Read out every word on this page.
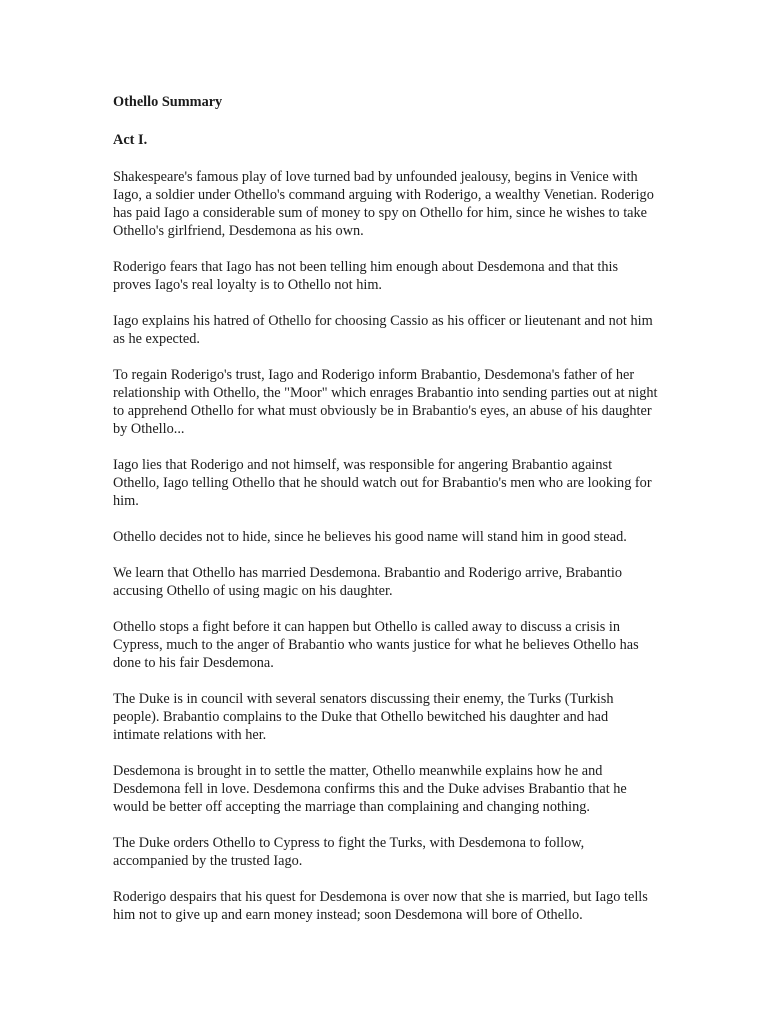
Othello Summary
Act I.

Shakespeare's famous play of love turned bad by unfounded jealousy, begins in Venice with Iago, a soldier under Othello's command arguing with Roderigo, a wealthy Venetian. Roderigo has paid Iago a considerable sum of money to spy on Othello for him, since he wishes to take Othello's girlfriend, Desdemona as his own.

Roderigo fears that Iago has not been telling him enough about Desdemona and that this proves Iago's real loyalty is to Othello not him.

Iago explains his hatred of Othello for choosing Cassio as his officer or lieutenant and not him as he expected.

To regain Roderigo's trust, Iago and Roderigo inform Brabantio, Desdemona's father of her relationship with Othello, the "Moor" which enrages Brabantio into sending parties out at night to apprehend Othello for what must obviously be in Brabantio's eyes, an abuse of his daughter by Othello...

Iago lies that Roderigo and not himself, was responsible for angering Brabantio against Othello, Iago telling Othello that he should watch out for Brabantio's men who are looking for him.

Othello decides not to hide, since he believes his good name will stand him in good stead.

We learn that Othello has married Desdemona. Brabantio and Roderigo arrive, Brabantio accusing Othello of using magic on his daughter.

Othello stops a fight before it can happen but Othello is called away to discuss a crisis in Cypress, much to the anger of Brabantio who wants justice for what he believes Othello has done to his fair Desdemona.

The Duke is in council with several senators discussing their enemy, the Turks (Turkish people). Brabantio complains to the Duke that Othello bewitched his daughter and had intimate relations with her.

Desdemona is brought in to settle the matter, Othello meanwhile explains how he and Desdemona fell in love. Desdemona confirms this and the Duke advises Brabantio that he would be better off accepting the marriage than complaining and changing nothing.

The Duke orders Othello to Cypress to fight the Turks, with Desdemona to follow, accompanied by the trusted Iago.

Roderigo despairs that his quest for Desdemona is over now that she is married, but Iago tells him not to give up and earn money instead; soon Desdemona will bore of Othello.
